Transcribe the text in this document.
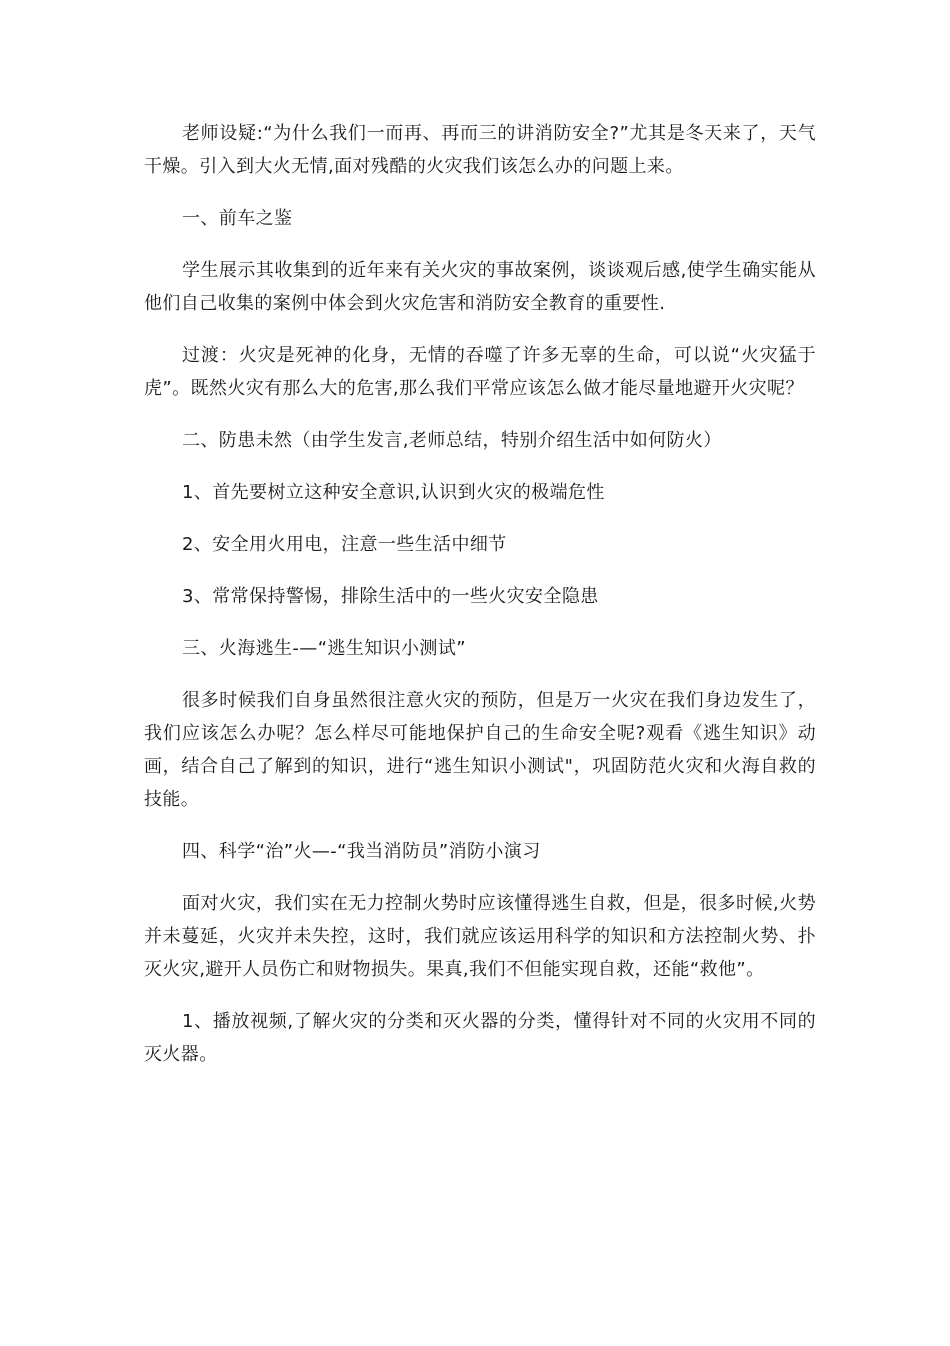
老师设疑:“为什么我们一而再、再而三的讲消防安全?”尤其是冬天来了，天气干燥。引入到大火无情,面对残酷的火灾我们该怎么办的问题上来。

一、前车之鉴

学生展示其收集到的近年来有关火灾的事故案例，谈谈观后感,使学生确实能从他们自己收集的案例中体会到火灾危害和消防安全教育的重要性.

过渡：火灾是死神的化身，无情的吞噬了许多无辜的生命，可以说“火灾猛于虎”。既然火灾有那么大的危害,那么我们平常应该怎么做才能尽量地避开火灾呢？

二、防患未然（由学生发言,老师总结，特别介绍生活中如何防火）

1、首先要树立这种安全意识,认识到火灾的极端危性

2、安全用火用电，注意一些生活中细节

3、常常保持警惕，排除生活中的一些火灾安全隐患

三、火海逃生-—“逃生知识小测试”

很多时候我们自身虽然很注意火灾的预防，但是万一火灾在我们身边发生了，我们应该怎么办呢？怎么样尽可能地保护自己的生命安全呢?观看《逃生知识》动画，结合自己了解到的知识，进行“逃生知识小测试"，巩固防范火灾和火海自救的技能。

四、科学“治”火—-“我当消防员”消防小演习

面对火灾，我们实在无力控制火势时应该懂得逃生自救，但是，很多时候,火势并未蔓延，火灾并未失控，这时，我们就应该运用科学的知识和方法控制火势、扑灭火灾,避开人员伤亡和财物损失。果真,我们不但能实现自救，还能“救他”。

1、播放视频,了解火灾的分类和灭火器的分类，懂得针对不同的火灾用不同的灭火器。
